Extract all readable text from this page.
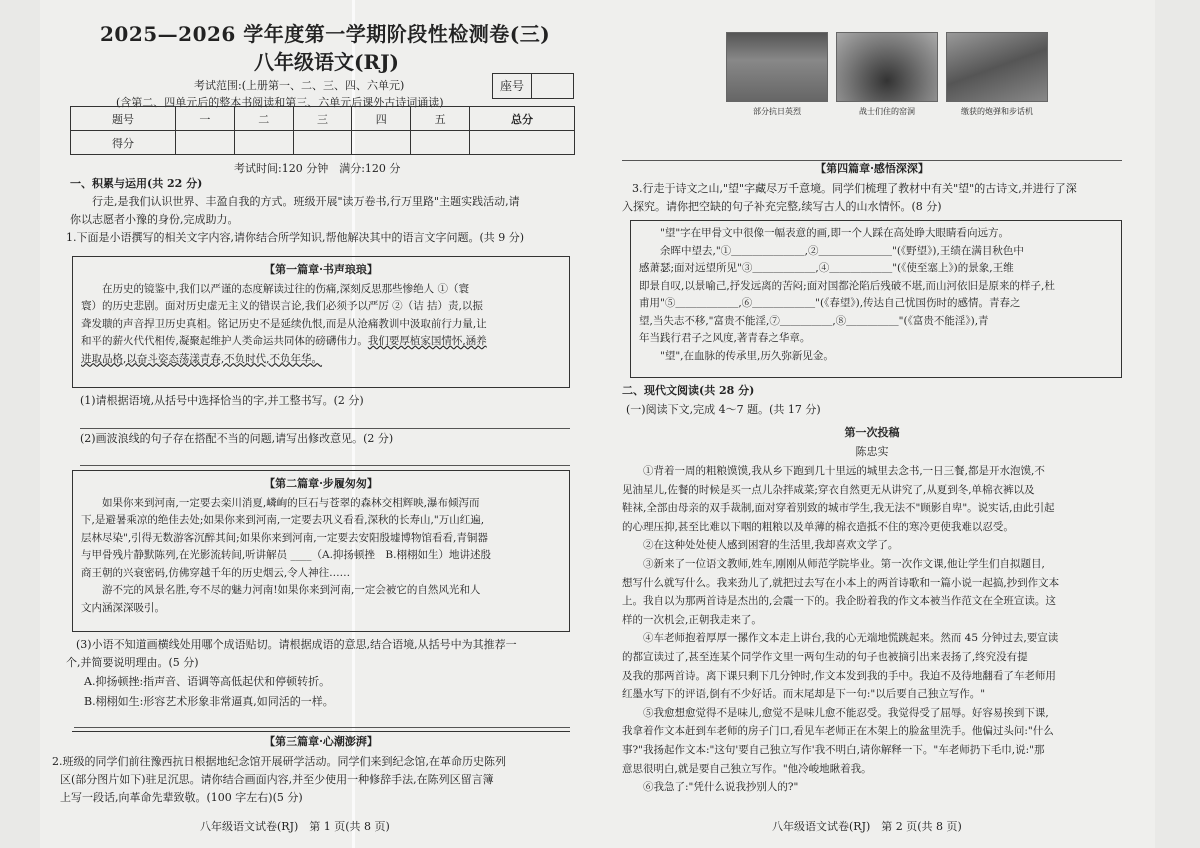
2025—2026 学年度第一学期阶段性检测卷(三)
八年级语文(RJ)
考试范围:(上册第一、二、三、四、六单元)
(含第二、四单元后的整本书阅读和第三、六单元后课外古诗词诵读)
座号
题号	一	二	三	四	五	总分
得分						
考试时间:120 分钟　满分:120 分
一、积累与运用(共 22 分)
行走,是我们认识世界、丰盈自我的方式。班级开展"读万卷书,行万里路"主题实践活动,请
你以志愿者小豫的身份,完成助力。
1.下面是小语撰写的相关文字内容,请你结合所学知识,帮他解决其中的语言文字问题。(共 9 分)
【第一篇章·书声琅琅】
在历史的镜鉴中,我们以严谨的态度解读过往的伤痛,深刻反思那些惨绝人 ①（寰
寰）的历史悲剧。面对历史虚无主义的错误言论,我们必须予以严厉 ②（诘 拮）责,以振
聋发聩的声音捍卫历史真相。铭记历史不是延续仇恨,而是从沧痛教训中汲取前行力量,让
和平的薪火代代相传,凝聚起维护人类命运共同体的磅礴伟力。我们要厚植家国情怀,涵养
进取品格,以奋斗姿态荡漾青春,不负时代,不负年华。
(1)请根据语境,从括号中选择恰当的字,并工整书写。(2 分)
(2)画波浪线的句子存在搭配不当的问题,请写出修改意见。(2 分)
【第二篇章·步履匆匆】
如果你来到河南,一定要去栾川消夏,嶙峋的巨石与苍翠的森林交相辉映,瀑布倾泻而
下,是避暑乘凉的绝佳去处;如果你来到河南,一定要去巩义看看,深秋的长寿山,"万山红遍,
层林尽染",引得无数游客沉醉其间;如果你来到河南,一定要去安阳殷墟博物馆看看,青铜器
与甲骨残片静默陈列,在光影流转间,听讲解员 ____（A.抑扬顿挫　B.栩栩如生）地讲述殷
商王朝的兴衰密码,仿佛穿越千年的历史烟云,令人神往……
游不完的风景名胜,夸不尽的魅力河南!如果你来到河南,一定会被它的自然风光和人
文内涵深深吸引。
(3)小语不知道画横线处用哪个成语贴切。请根据成语的意思,结合语境,从括号中为其推荐一
个,并简要说明理由。(5 分)
A.抑扬顿挫:指声音、语调等高低起伏和停顿转折。
B.栩栩如生:形容艺术形象非常逼真,如同活的一样。
【第三篇章·心潮澎湃】
2.班级的同学们前往豫西抗日根据地纪念馆开展研学活动。同学们来到纪念馆,在革命历史陈列
区(部分图片如下)驻足沉思。请你结合画面内容,并至少使用一种修辞手法,在陈列区留言簿
上写一段话,向革命先辈致敬。(100 字左右)(5 分)
八年级语文试卷(RJ)　第 1 页(共 8 页)
部分抗日英烈	战士们住的窑洞	缴获的炮弹和步话机
【第四篇章·感悟深深】
3.行走于诗文之山,"望"字藏尽万千意境。同学们梳理了教材中有关"望"的古诗文,并进行了深
入探究。请你把空缺的句子补充完整,续写古人的山水情怀。(8 分)
"望"字在甲骨文中很像一幅表意的画,即一个人踩在高处睁大眼睛看向远方。
余晖中望去,"①＿＿＿＿＿＿＿,②＿＿＿＿＿＿＿"(《野望》),王绩在满目秋色中
感萧瑟;面对远望所见"③＿＿＿＿＿＿,④＿＿＿＿＿＿"(《使至塞上》)的景象,王维
即景自叹,以景喻己,抒发远离的苦闷;面对国都沦陷后残破不堪,而山河依旧是原来的样子,杜
甫用"⑤＿＿＿＿＿＿,⑥＿＿＿＿＿＿"(《春望》),传达自己忧国伤时的感情。青春之
望,当失志不移,"富贵不能淫,⑦＿＿＿＿＿,⑧＿＿＿＿＿"(《富贵不能淫》),青
年当践行君子之风度,著青春之华章。
"望",在血脉的传承里,历久弥新见金。
二、现代文阅读(共 28 分)
(一)阅读下文,完成 4～7 题。(共 17 分)
第一次投稿
陈忠实
①背着一周的粗粮馍馍,我从乡下跑到几十里远的城里去念书,一日三餐,都是开水泡馍,不
见油星儿,佐餐的时候是买一点儿杂拌咸菜;穿衣自然更无从讲究了,从夏到冬,单棉衣裤以及
鞋袜,全部由母亲的双手裁制,面对穿着别致的城市学生,我无法不"顾影自卑"。说实话,由此引起
的心理压抑,甚至比难以下咽的粗粮以及单薄的棉衣造抵不住的寒冷更使我难以忍受。
②在这种处处使人感到困窘的生活里,我却喜欢文学了。
③新来了一位语文教师,姓车,刚刚从师范学院毕业。第一次作文课,他让学生们自拟题目,
想写什么就写什么。我来劲儿了,就把过去写在小本上的两首诗歌和一篇小说一起搞,抄到作文本
上。我自以为那两首诗是杰出的,会震一下的。我企盼着我的作文本被当作范文在全班宣读。这
样的一次机会,正朝我走来了。
④车老师抱着厚厚一摞作文本走上讲台,我的心无端地慌跳起来。然而 45 分钟过去,要宣读
的都宣读过了,甚至连某个同学作文里一两句生动的句子也被摘引出来表扬了,终究没有提
及我的那两首诗。离下课只剩下几分钟时,作文本发到我的手中。我迫不及待地翻看了车老师用
红墨水写下的评语,倒有不少好话。而末尾却是下一句:"以后要自己独立写作。"
⑤我愈想愈觉得不是味儿,愈觉不是味儿愈不能忍受。我觉得受了屈辱。好容易挨到下课,
我拿着作文本赶到车老师的房子门口,看见车老师正在木架上的脸盆里洗手。他偏过头问:"什么
事?"我扬起作文本:"这句'要自己独立写作'我不明白,请你解释一下。"车老师扔下毛巾,说:"那
意思很明白,就是要自己独立写作。"他冷峻地瞅着我。
⑥我急了:"凭什么说我抄别人的?"
八年级语文试卷(RJ)　第 2 页(共 8 页)
